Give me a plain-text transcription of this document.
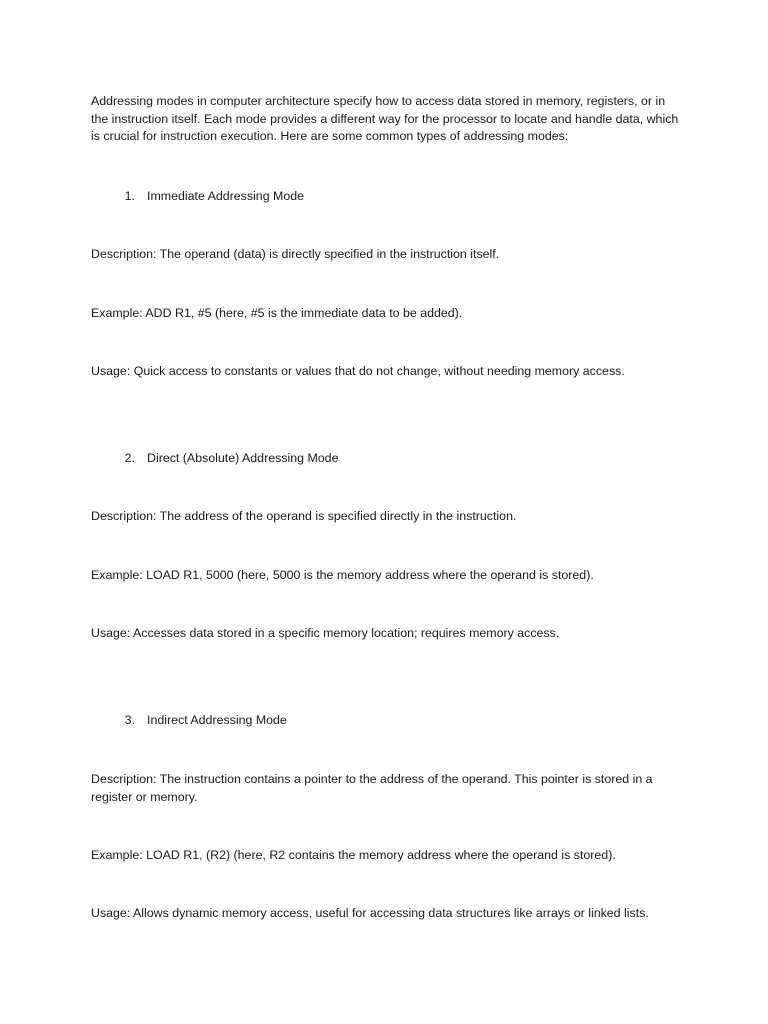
Addressing modes in computer architecture specify how to access data stored in memory, registers, or in the instruction itself. Each mode provides a different way for the processor to locate and handle data, which is crucial for instruction execution. Here are some common types of addressing modes:

1. Immediate Addressing Mode

Description: The operand (data) is directly specified in the instruction itself.

Example: ADD R1, #5 (here, #5 is the immediate data to be added).

Usage: Quick access to constants or values that do not change, without needing memory access.

2. Direct (Absolute) Addressing Mode

Description: The address of the operand is specified directly in the instruction.

Example: LOAD R1, 5000 (here, 5000 is the memory address where the operand is stored).

Usage: Accesses data stored in a specific memory location; requires memory access.

3. Indirect Addressing Mode

Description: The instruction contains a pointer to the address of the operand. This pointer is stored in a register or memory.

Example: LOAD R1, (R2) (here, R2 contains the memory address where the operand is stored).

Usage: Allows dynamic memory access, useful for accessing data structures like arrays or linked lists.
